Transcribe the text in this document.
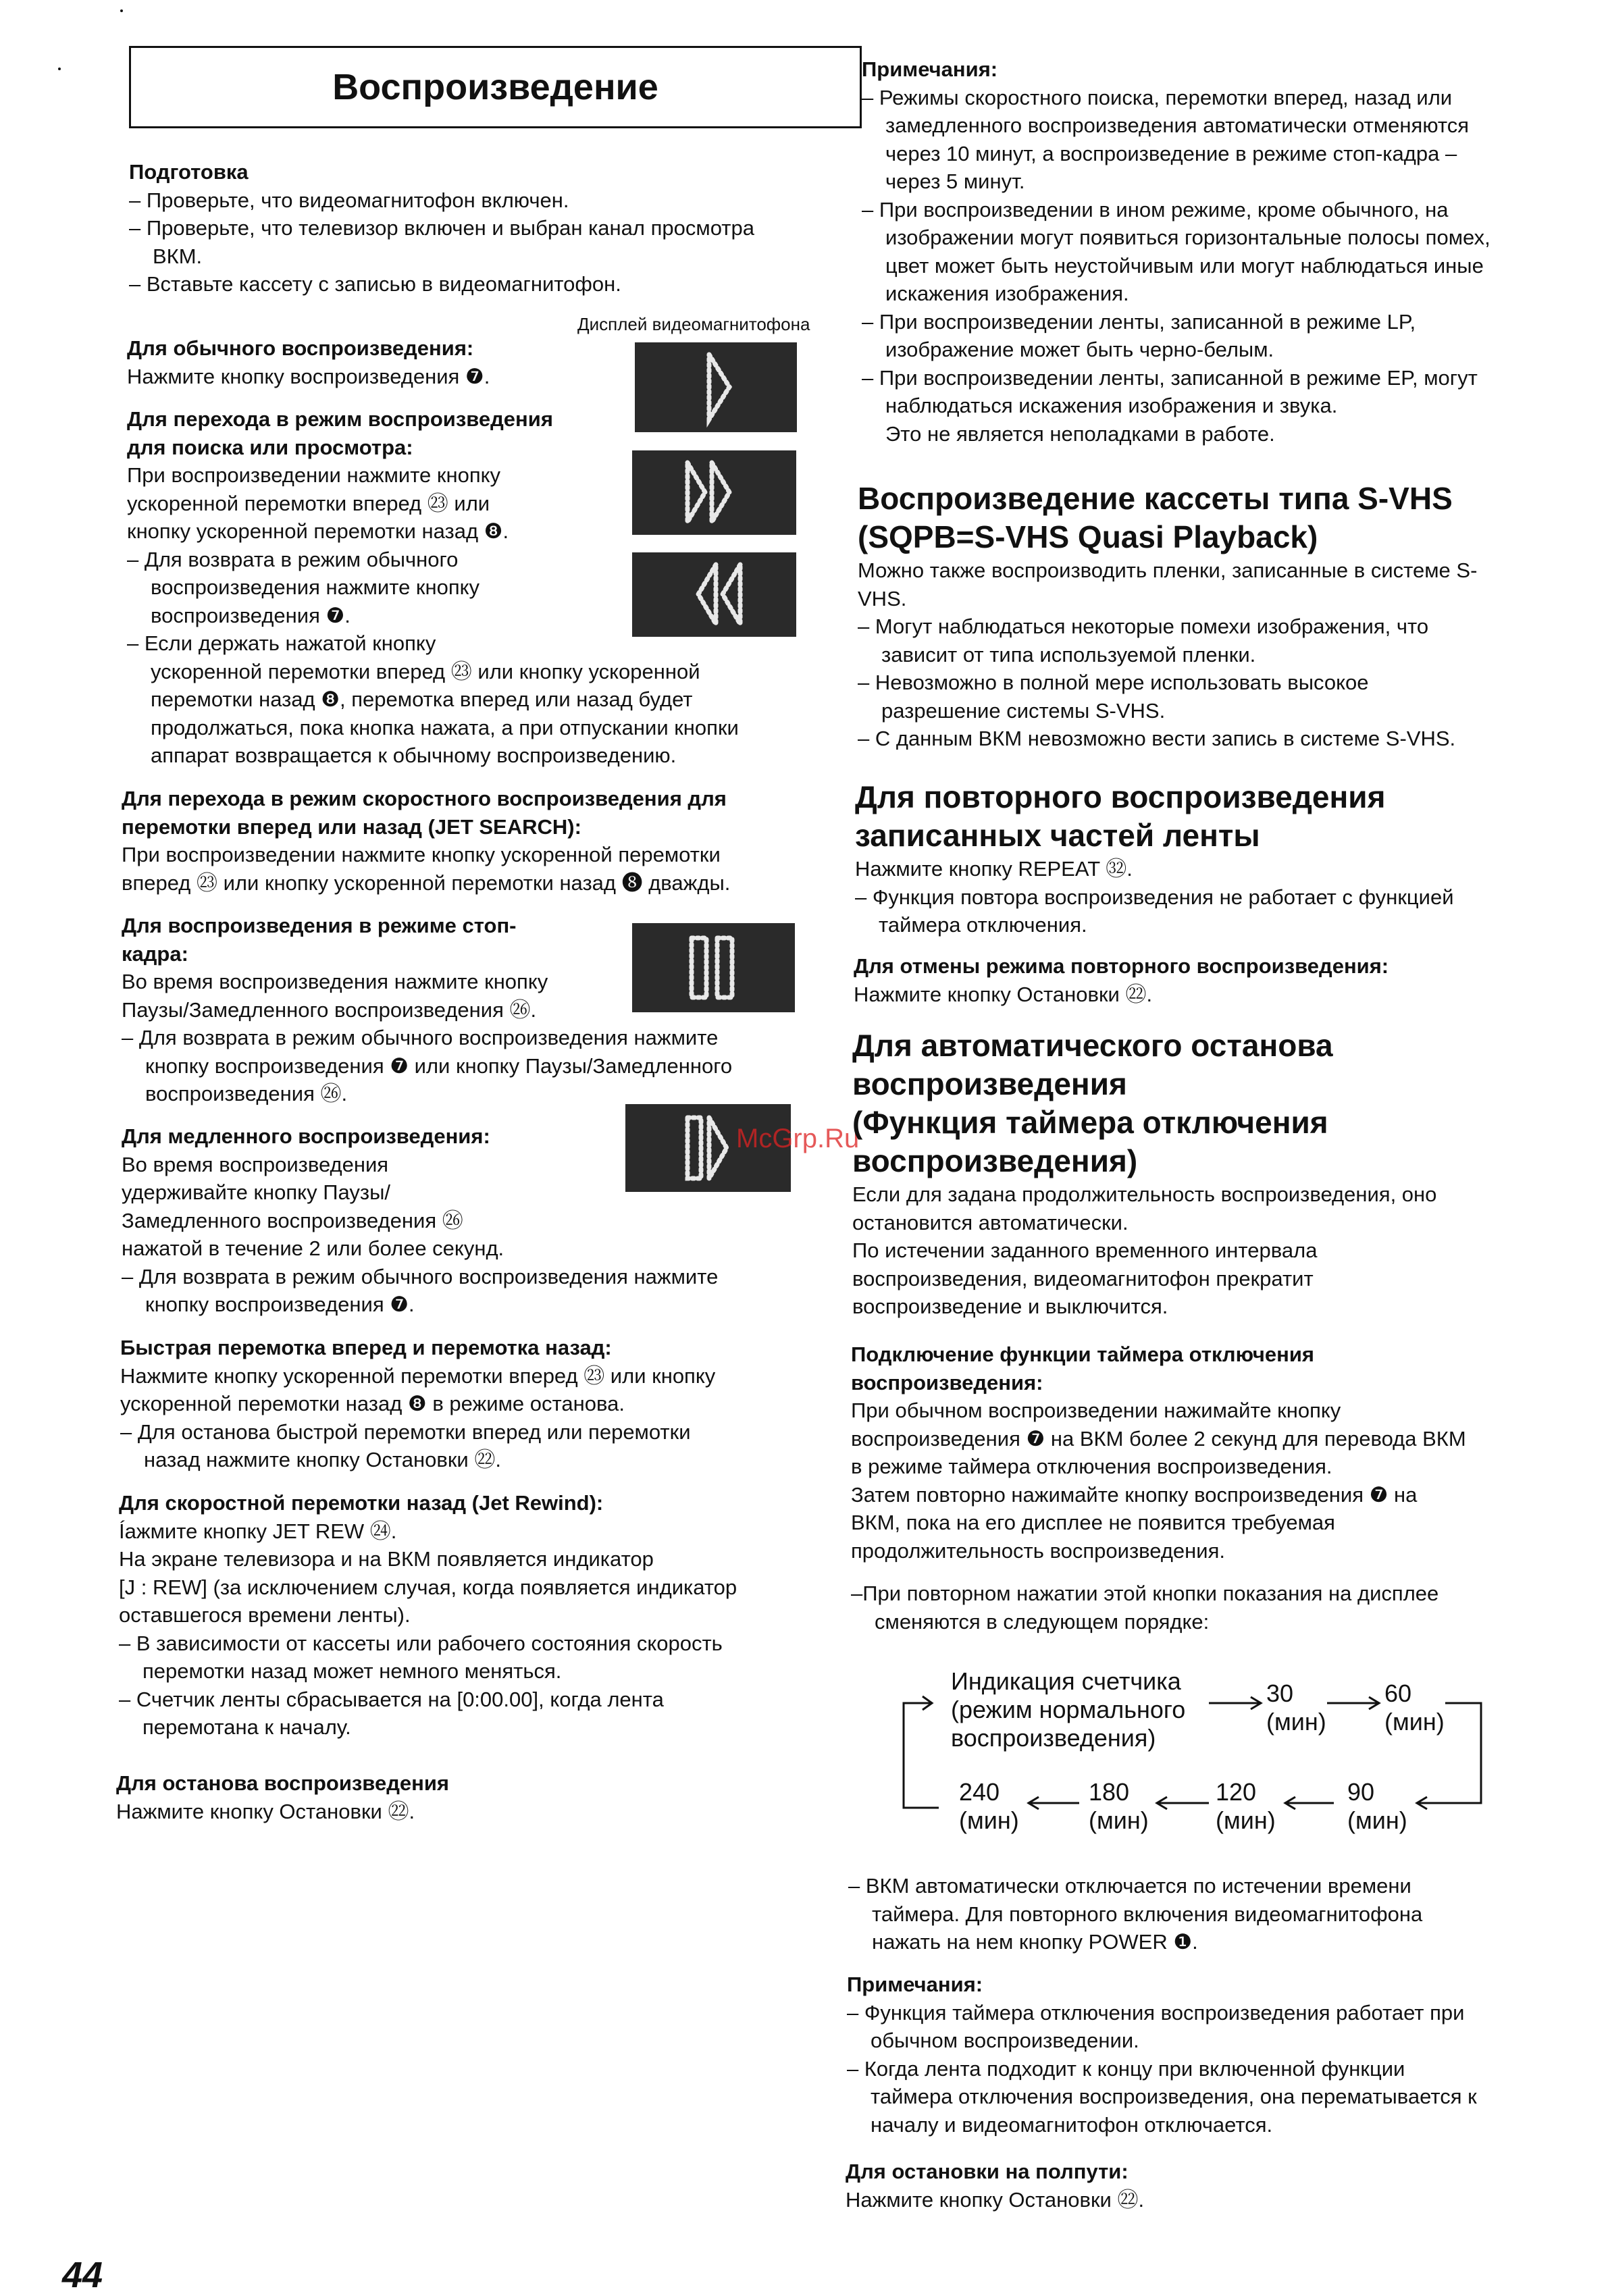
Воспроизведение
Подготовка
– Проверьте, что видеомагнитофон включен.
– Проверьте, что телевизор включен и выбран канал просмотра
ВКМ.
– Вставьте кассету с записью в видеомагнитофон.
Дисплей видеомагнитофона
Для обычного воспроизведения:
Нажмите кнопку воспроизведения ❼.
Для перехода в режим воспроизведения
для поиска или просмотра:
При воспроизведении нажмите кнопку
ускоренной перемотки вперед ㉓ или
кнопку ускоренной перемотки назад ❽.
– Для возврата в режим обычного
воспроизведения нажмите кнопку
воспроизведения ❼.
– Если держать нажатой кнопку
ускоренной перемотки вперед ㉓ или кнопку ускоренной
перемотки назад ❽, перемотка вперед или назад будет
продолжаться, пока кнопка нажата, а при отпускании кнопки
аппарат возвращается к обычному воспроизведению.
Для перехода в режим скоростного воспроизведения для
перемотки вперед или назад (JET SEARCH):
При воспроизведении нажмите кнопку ускоренной перемотки
вперед ㉓ или кнопку ускоренной перемотки назад ❽ дважды.
Для воспроизведения в режиме стоп-
кадра:
Во время воспроизведения нажмите кнопку
Паузы/Замедленного воспроизведения ㉖.
– Для возврата в режим обычного воспроизведения нажмите
кнопку воспроизведения ❼ или кнопку Паузы/Замедленного
воспроизведения ㉖.
Для медленного воспроизведения:
Во время воспроизведения
удерживайте кнопку Паузы/
Замедленного воспроизведения ㉖
нажатой в течение 2 или более секунд.
– Для возврата в режим обычного воспроизведения нажмите
кнопку воспроизведения ❼.
Быстрая перемотка вперед и перемотка назад:
Нажмите кнопку ускоренной перемотки вперед ㉓ или кнопку
ускоренной перемотки назад ❽ в режиме останова.
– Для останова быстрой перемотки вперед или перемотки
назад нажмите кнопку Остановки ㉒.
Для скоростной перемотки назад (Jet Rewind):
Íажмите кнопку JET REW ㉔.
На экране телевизора и на ВКМ появляется индикатор
[J : REW] (за исключением случая, когда появляется индикатор
оставшегося времени ленты).
– В зависимости от кассеты или рабочего состояния скорость
перемотки назад может немного меняться.
– Счетчик ленты сбрасывается на [0:00.00], когда лента
перемотана к началу.
Для останова воспроизведения
Нажмите кнопку Остановки ㉒.
McGrp.Ru
Примечания:
– Режимы скоростного поиска, перемотки вперед, назад или
замедленного воспроизведения автоматически отменяются
через 10 минут, а воспроизведение в режиме стоп-кадра –
через 5 минут.
– При воспроизведении в ином режиме, кроме обычного, на
изображении могут появиться горизонтальные полосы помех,
цвет может быть неустойчивым или могут наблюдаться иные
искажения изображения.
– При воспроизведении ленты, записанной в режиме LP,
изображение может быть черно-белым.
– При воспроизведении ленты, записанной в режиме EP, могут
наблюдаться искажения изображения и звука.
Это не является неполадками в работе.
Воспроизведение кассеты типа S-VHS
(SQPB=S-VHS Quasi Playback)
Можно также воспроизводить пленки, записанные в системе S-
VHS.
– Могут наблюдаться некоторые помехи изображения, что
зависит от типа используемой пленки.
– Невозможно в полной мере использовать высокое
разрешение системы S-VHS.
– С данным ВКМ невозможно вести запись в системе S-VHS.
Для повторного воспроизведения
записанных частей ленты
Нажмите кнопку REPEAT ㉜.
– Функция повтора воспроизведения не работает с функцией
таймера отключения.
Для отмены режима повторного воспроизведения:
Нажмите кнопку Остановки ㉒.
Для автоматического останова
воспроизведения
(Функция таймера отключения
воспроизведения)
Если для задана продолжительность воспроизведения, оно
остановится автоматически.
По истечении заданного временного интервала
воспроизведения, видеомагнитофон прекратит
воспроизведение и выключится.
Подключение функции таймера отключения
воспроизведения:
При обычном воспроизведении нажимайте кнопку
воспроизведения ❼ на ВКМ более 2 секунд для перевода ВКМ
в режиме таймера отключения воспроизведения.
Затем повторно нажимайте кнопку воспроизведения ❼ на
ВКМ, пока на его дисплее не появится требуемая
продолжительность воспроизведения.
–При повторном нажатии этой кнопки показания на дисплее
сменяются в следующем порядке:
Индикация счетчика
(режим нормального
воспроизведения)
30
(мин)
60
(мин)
240
(мин)
180
(мин)
120
(мин)
90
(мин)
– ВКМ автоматически отключается по истечении времени
таймера. Для повторного включения видеомагнитофона
нажать на нем кнопку POWER ❶.
Примечания:
– Функция таймера отключения воспроизведения работает при
обычном воспроизведении.
– Когда лента подходит к концу при включенной функции
таймера отключения воспроизведения, она перематывается к
началу и видеомагнитофон отключается.
Для остановки на полпути:
Нажмите кнопку Остановки ㉒.
44
